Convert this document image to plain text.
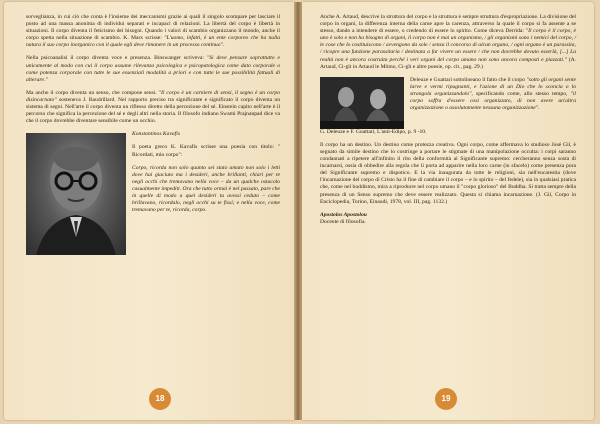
sorveglianza, in cui ciò che conta è l'insieme dei meccanismi grazie ai quali il singolo scompare per lasciare il posto ad una massa anonima di individui separati e incapaci di relazioni. La libertà del corpo è libertà in situazioni. Il corpo diventa il feticismo dei bisogni. Quando i valori di scambio organizzano il mondo, anche il corpo spetta nella situazione di scambio. K. Marx scrisse: "L'uomo, infatti, è un ente corporeo che ha nulla natura il suo corpo inorganico con il quale egli deve rimanere in un processo continuo".

Nella psicoanalisi il corpo diventa voce e presenza. Binswanger scriveva: "Si deve pensare soprattutto e unicamente al modo con cui il corpo assume rilevanza psicologica e psicopatologica come dato corporale o come potenza corporale con tutte le sue essenziali modalità a priori e con tutte le sue possibilità fattuali di alterare."

Ma anche il corpo diventa un senso, che compone sensi. "Il corpo è un carniere di sensi, il segno è un corpo disincarnato" sosteneva J. Baudrillard. Nel rapporto preciso tra significante e significato il corpo diventa un sistema di segni. Nell'arte il corpo diventa un riflesso diretto della percezione del sé. Einstein capito nell'arte è il percorso che significa la percezione del sé e degli altri nella storia. Il filosofo indiano Swami Prajnanpad dice va che il corpo dovrebbe diventare sensibile come un occhio.

Konstantinos Kavafis

Il poeta greco K. Kavafis scrisse una poesia con titolo: " Ricordati, mio corpo":

Corpo, ricorda non solo quanto sei stato amato non solo i letti dove hai giaciuto ma i desideri, anche brillanti, chiari per te negli occhi che tremavano nella voce – da un qualche ostacolo casualmente impediti. Ora che tutto ormai è nel passato, pare che in quelle di modo a quei desideri tu avessi ceduto – come brillavano, ricordalo, negli occhi su te fissi; e nella voce, come tremavano per te, ricorda, corpo.

18

Anche A. Artaud, descrive la struttura del corpo e la struttura è sempre struttura d'espropriazione. La divisione del corpo in organi, la differenza interna della carne apre la carenza, attraverso la quale il corpo si fa assente a se stesso, dando a intendere di essere, o credendo di essere lo spirito. Come diceva Derrida: "Il corpo è il corpo, è uno è solo e non ha bisogno di organi, il corpo non è mai un organismo, / gli organismi sono i nemici del corpo, / le cose che lo costituiscono / avvengono da sole / senza il concorso di alcun organo, / ogni organo è un parassita, / ricopre una funzione parassitaria / destinata a far vivere un essere / che non dovrebbe dovuto esserlà, [...] La realtà non è ancora costruita perché i veri organi del corpo umano non sono ancora composti e piazzati." (A. Artaud, Ci-gît in Artaud le Mômo, Ci-gît e altre poesie, op. cit., pag. 29.)

Deleuze e Guattari sottolineano il fatto che il corpo "sotto gli organi sente larve e vermi ripugnanti, e l'azione di un Dio che lo sconcia o lo strangola organizzandolo", specificando come, allo stesso tempo, "il corpo soffra d'essere così organizzato, di non avere un'altra organizzazione o assolutamente nessuna organizzazione".

G. Deleuze e F. Guattari, L'anti-Edipo, p. 9 -10.

Il corpo ha un destino. Un destino come protezza creativa. Ogni corpo, come affermava lo studioso José Gil, è segnato da simile destino che lo costringe a portare le stigmate di una manipolazione occulta: i corpi saranno condannati a ripetere all'infinito il rito della conformità al Significante supremo: cercheranno senza sosta di incarnarsi, ossia di obbedire alla regola che li porta ad apparire nella loro carne (in sfacelo) come presenza pura del Significante supremo e dispotico. E la via inaugurata da tutte le religioni, sia nell'eucarestia (dove l'incarnazione del corpo di Cristo ha il fine di cambiare il corpo – e lo spirito – del fedele), sia in qualsiasi pratica che, come nel buddismo, mira a riprodurre nel corpo umano il "corpo glorioso" del Buddha. Si tratta sempre della presenza di un Senso supremo che deve essere realizzato. Questa si chiama incarnazione. (J. Gil, Corpo in Enciclopedia, Torino, Einaudi, 1978, vol. III, pag. 1132.)

Apostolos Apostolou

Docente di filosofia.

19
